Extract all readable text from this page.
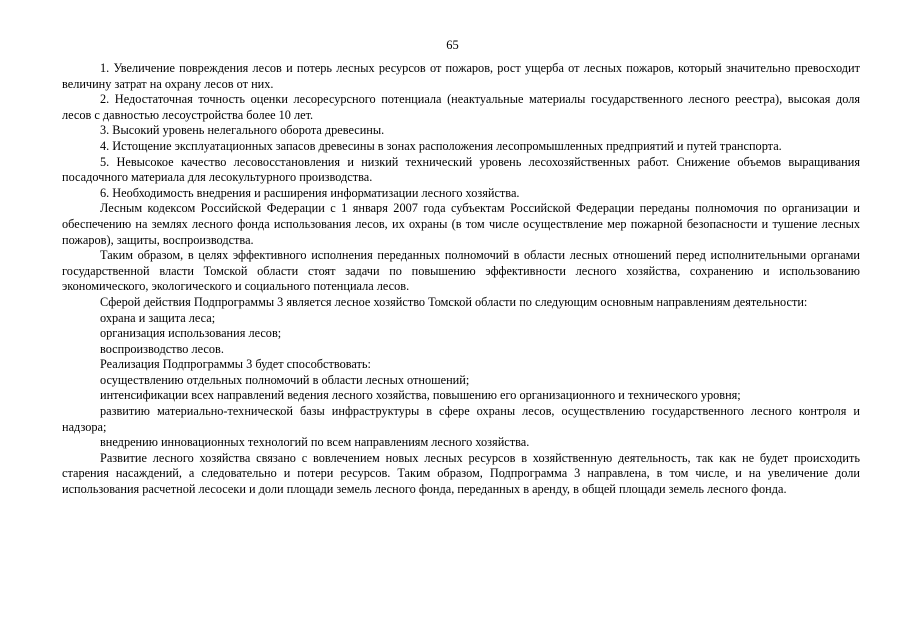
65

1. Увеличение повреждения лесов и потерь лесных ресурсов от пожаров, рост ущерба от лесных пожаров, который значительно превосходит величину затрат на охрану лесов от них.

2. Недостаточная точность оценки лесоресурсного потенциала (неактуальные материалы государственного лесного реестра), высокая доля лесов с давностью лесоустройства более 10 лет.

3. Высокий уровень нелегального оборота древесины.

4. Истощение эксплуатационных запасов древесины в зонах расположения лесопромышленных предприятий и путей транспорта.

5. Невысокое качество лесовосстановления и низкий технический уровень лесохозяйственных работ. Снижение объемов выращивания посадочного материала для лесокультурного производства.

6. Необходимость внедрения и расширения информатизации лесного хозяйства.

Лесным кодексом Российской Федерации с 1 января 2007 года субъектам Российской Федерации переданы полномочия по организации и обеспечению на землях лесного фонда использования лесов, их охраны (в том числе осуществление мер пожарной безопасности и тушение лесных пожаров), защиты, воспроизводства.

Таким образом, в целях эффективного исполнения переданных полномочий в области лесных отношений перед исполнительными органами государственной власти Томской области стоят задачи по повышению эффективности лесного хозяйства, сохранению и использованию экономического, экологического и социального потенциала лесов.

Сферой действия Подпрограммы 3 является лесное хозяйство Томской области по следующим основным направлениям деятельности:

охрана и защита леса;

организация использования лесов;

воспроизводство лесов.

Реализация Подпрограммы 3 будет способствовать:

осуществлению отдельных полномочий в области лесных отношений;

интенсификации всех направлений ведения лесного хозяйства, повышению его организационного и технического уровня;

развитию материально-технической базы инфраструктуры в сфере охраны лесов, осуществлению государственного лесного контроля и надзора;

внедрению инновационных технологий по всем направлениям лесного хозяйства.

Развитие лесного хозяйства связано с вовлечением новых лесных ресурсов в хозяйственную деятельность, так как не будет происходить старения насаждений, а следовательно и потери ресурсов. Таким образом, Подпрограмма 3 направлена, в том числе, и на увеличение доли использования расчетной лесосеки и доли площади земель лесного фонда, переданных в аренду, в общей площади земель лесного фонда.
